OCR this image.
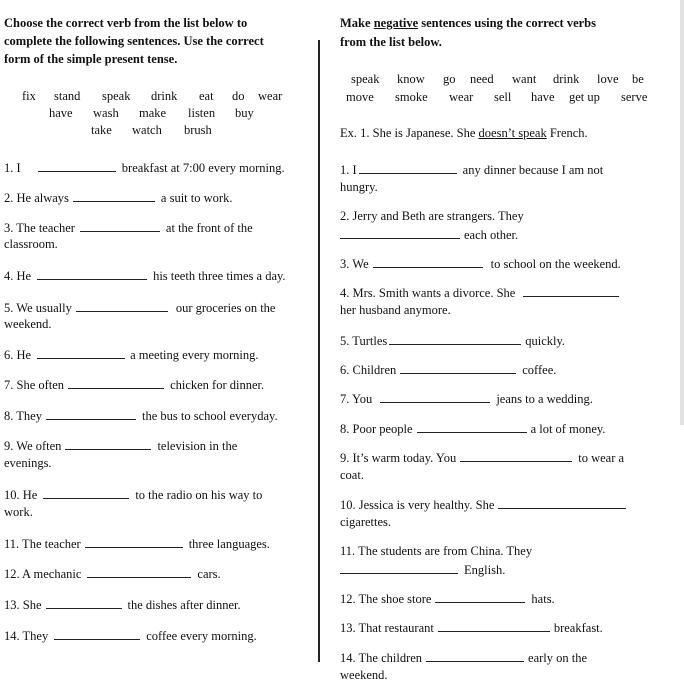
Choose the correct verb from the list below to
complete the following sentences. Use the correct
form of the simple present tense.
fix stand speak drink eat do wear
have wash make listen buy
take watch brush
1. I	breakfast at 7:00 every morning.
2. He always	a suit to work.
3. The teacher	at the front of the
classroom.
4. He	his teeth three times a day.
5. We usually	our groceries on the
weekend.
6. He	a meeting every morning.
7. She often	chicken for dinner.
8. They	the bus to school everyday.
9. We often	television in the
evenings.
10. He	to the radio on his way to
work.
11. The teacher	three languages.
12. A mechanic	cars.
13. She	the dishes after dinner.
14. They	coffee every morning.
Make negative sentences using the correct verbs
from the list below.
speak know go need want drink love be
move smoke wear sell have get up serve
Ex. 1. She is Japanese. She doesn’t speak French.
1. I	any dinner because I am not
hungry.
2. Jerry and Beth are strangers. They
each other.
3. We	to school on the weekend.
4. Mrs. Smith wants a divorce. She
her husband anymore.
5. Turtles	quickly.
6. Children	coffee.
7. You	jeans to a wedding.
8. Poor people	a lot of money.
9. It’s warm today. You	to wear a
coat.
10. Jessica is very healthy. She
cigarettes.
11. The students are from China. They
English.
12. The shoe store	hats.
13. That restaurant	breakfast.
14. The children	early on the
weekend.
